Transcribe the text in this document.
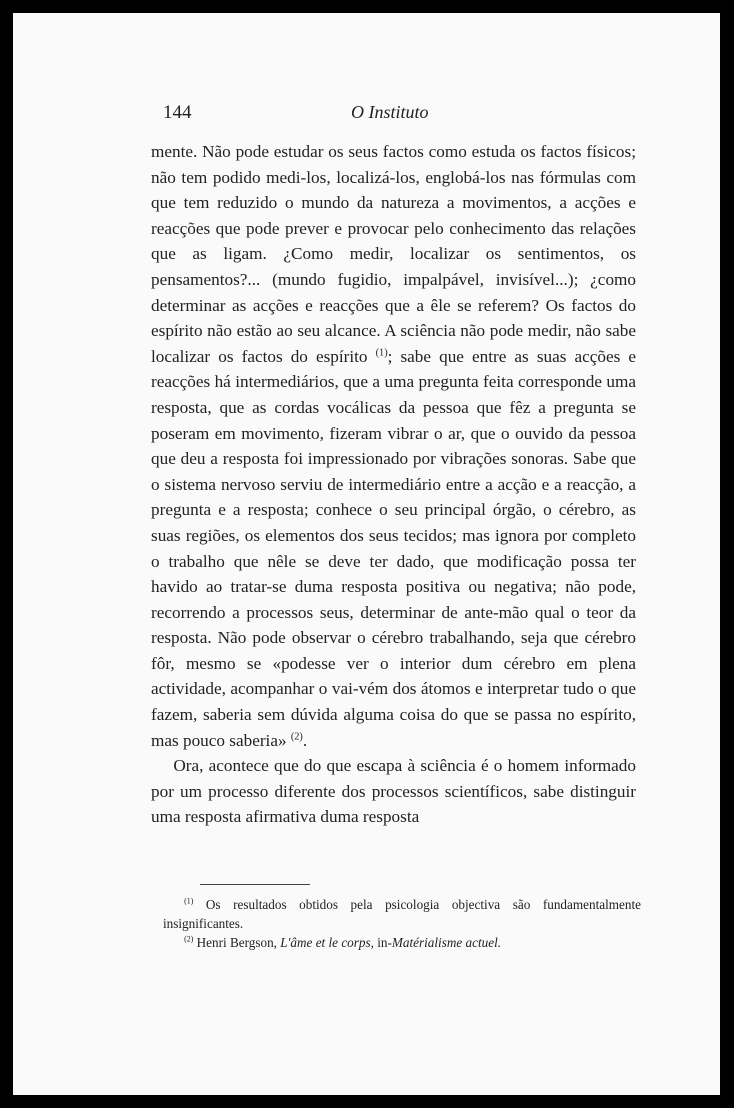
144	O Instituto

mente. Não pode estudar os seus factos como estuda os factos físicos; não tem podido medi-los, localizá-los, englobá-los nas fórmulas com que tem reduzido o mundo da natureza a movimentos, a acções e reacções que pode prever e provocar pelo conhecimento das relações que as ligam. ¿Como medir, localizar os sentimentos, os pensamentos?... (mundo fugidio, impalpável, invisível...); ¿como determinar as acções e reacções que a êle se referem? Os factos do espírito não estão ao seu alcance. A sciência não pode medir, não sabe localizar os factos do espírito $^{(1)}$; sabe que entre as suas acções e reacções há intermediários, que a uma pregunta feita corresponde uma resposta, que as cordas vocálicas da pessoa que fêz a pregunta se poseram em movimento, fizeram vibrar o ar, que o ouvido da pessoa que deu a resposta foi impressionado por vibrações sonoras. Sabe que o sistema nervoso serviu de intermediário entre a acção e a reacção, a pregunta e a resposta; conhece o seu principal órgão, o cérebro, as suas regiões, os elementos dos seus tecidos; mas ignora por completo o trabalho que nêle se deve ter dado, que modificação possa ter havido ao tratar-se duma resposta positiva ou negativa; não pode, recorrendo a processos seus, determinar de ante-mão qual o teor da resposta. Não pode observar o cérebro trabalhando, seja que cérebro fôr, mesmo se «podesse ver o interior dum cérebro em plena actividade, acompanhar o vai-vém dos átomos e interpretar tudo o que fazem, saberia sem dúvida alguma coisa do que se passa no espírito, mas pouco saberia» $^{(2)}$.

Ora, acontece que do que escapa à sciência é o homem informado por um processo diferente dos processos scientíficos, sabe distinguir uma resposta afirmativa duma resposta

$^{(1)}$ Os resultados obtidos pela psicologia objectiva são fundamentalmente insignificantes.

$^{(2)}$ Henri Bergson, L'âme et le corps, in-Matérialisme actuel.
